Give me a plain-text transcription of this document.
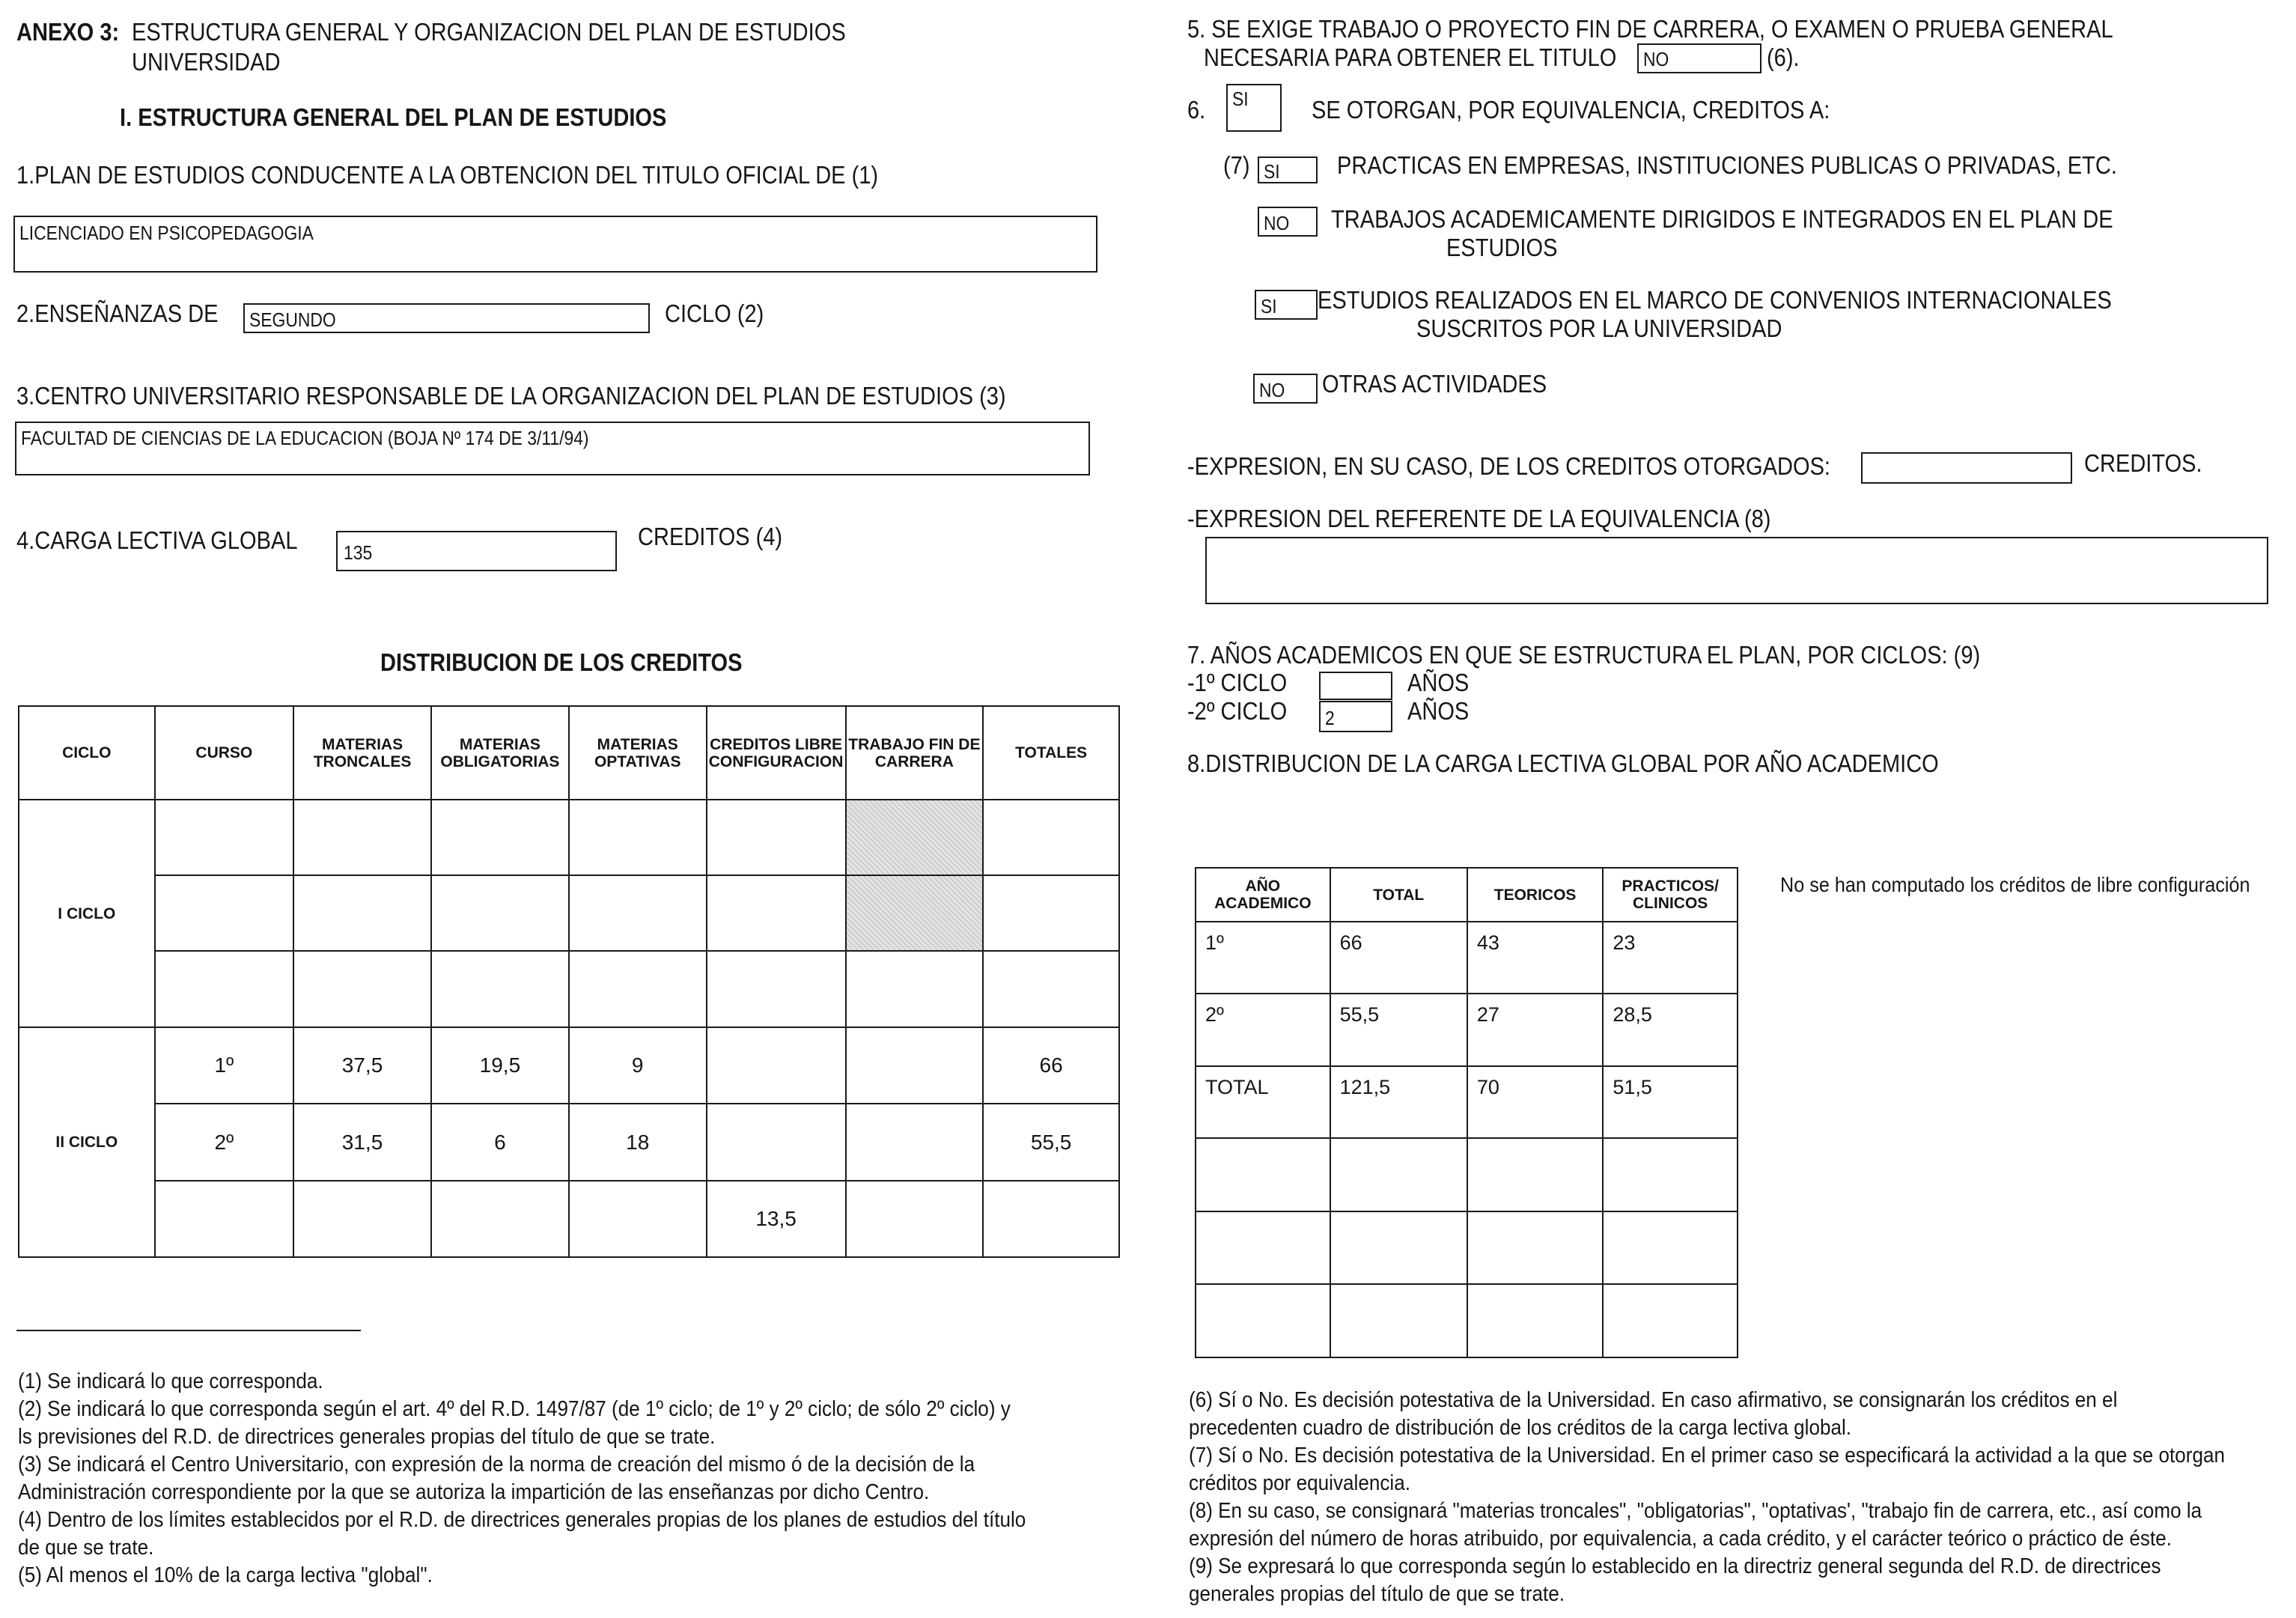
ANEXO 3: ESTRUCTURA GENERAL Y ORGANIZACION DEL PLAN DE ESTUDIOS
UNIVERSIDAD
I. ESTRUCTURA GENERAL DEL PLAN DE ESTUDIOS
1.PLAN DE ESTUDIOS CONDUCENTE A LA OBTENCION DEL TITULO OFICIAL DE (1)
LICENCIADO EN PSICOPEDAGOGIA
2.ENSEÑANZAS DE SEGUNDO	CICLO (2)
3.CENTRO UNIVERSITARIO RESPONSABLE DE LA ORGANIZACION DEL PLAN DE ESTUDIOS (3)
FACULTAD DE CIENCIAS DE LA EDUCACION (BOJA Nº 174 DE 3/11/94)
4.CARGA LECTIVA GLOBAL 135
CREDITOS (4)
DISTRIBUCION DE LOS CREDITOS
CICLO	CURSO	MATERIAS TRONCALES	MATERIAS OBLIGATORIAS	MATERIAS OPTATIVAS	CREDITOS LIBRE CONFIGURACION	TRABAJO FIN DE CARRERA	TOTALES
I CICLO							

II CICLO	1º	37,5	19,5	9			66
	2º	31,5	6	18			55,5
					13,5		
(1) Se indicará lo que corresponda.
(2) Se indicará lo que corresponda según el art. 4º del R.D. 1497/87 (de 1º ciclo; de 1º y 2º ciclo; de sólo 2º ciclo) y
ls previsiones del R.D. de directrices generales propias del título de que se trate.
(3) Se indicará el Centro Universitario, con expresión de la norma de creación del mismo ó de la decisión de la
Administración correspondiente por la que se autoriza la impartición de las enseñanzas por dicho Centro.
(4) Dentro de los límites establecidos por el R.D. de directrices generales propias de los planes de estudios del título
de que se trate.
(5) Al menos el 10% de la carga lectiva "global".
5. SE EXIGE TRABAJO O PROYECTO FIN DE CARRERA, O EXAMEN O PRUEBA GENERAL
NECESARIA PARA OBTENER EL TITULO NO	(6).
6. SI	SE OTORGAN, POR EQUIVALENCIA, CREDITOS A:
(7) SI PRACTICAS EN EMPRESAS, INSTITUCIONES PUBLICAS O PRIVADAS, ETC.
NO TRABAJOS ACADEMICAMENTE DIRIGIDOS E INTEGRADOS EN EL PLAN DE
ESTUDIOS
SI ESTUDIOS REALIZADOS EN EL MARCO DE CONVENIOS INTERNACIONALES
SUSCRITOS POR LA UNIVERSIDAD
NO OTRAS ACTIVIDADES
-EXPRESION, EN SU CASO, DE LOS CREDITOS OTORGADOS:	CREDITOS.
-EXPRESION DEL REFERENTE DE LA EQUIVALENCIA (8)
7. AÑOS ACADEMICOS EN QUE SE ESTRUCTURA EL PLAN, POR CICLOS: (9)
-1º CICLO	AÑOS
-2º CICLO 2	AÑOS
8.DISTRIBUCION DE LA CARGA LECTIVA GLOBAL POR AÑO ACADEMICO
No se han computado los créditos de libre configuración
AÑO ACADEMICO	TOTAL	TEORICOS	PRACTICOS/ CLINICOS
1º	66	43	23
2º	55,5	27	28,5
TOTAL	121,5	70	51,5

(6) Sí o No. Es decisión potestativa de la Universidad. En caso afirmativo, se consignarán los créditos en el
precedenten cuadro de distribución de los créditos de la carga lectiva global.
(7) Sí o No. Es decisión potestativa de la Universidad. En el primer caso se especificará la actividad a la que se otorgan
créditos por equivalencia.
(8) En su caso, se consignará "materias troncales", "obligatorias", "optativas', "trabajo fin de carrera, etc., así como la
expresión del número de horas atribuido, por equivalencia, a cada crédito, y el carácter teórico o práctico de éste.
(9) Se expresará lo que corresponda según lo establecido en la directriz general segunda del R.D. de directrices
generales propias del título de que se trate.
